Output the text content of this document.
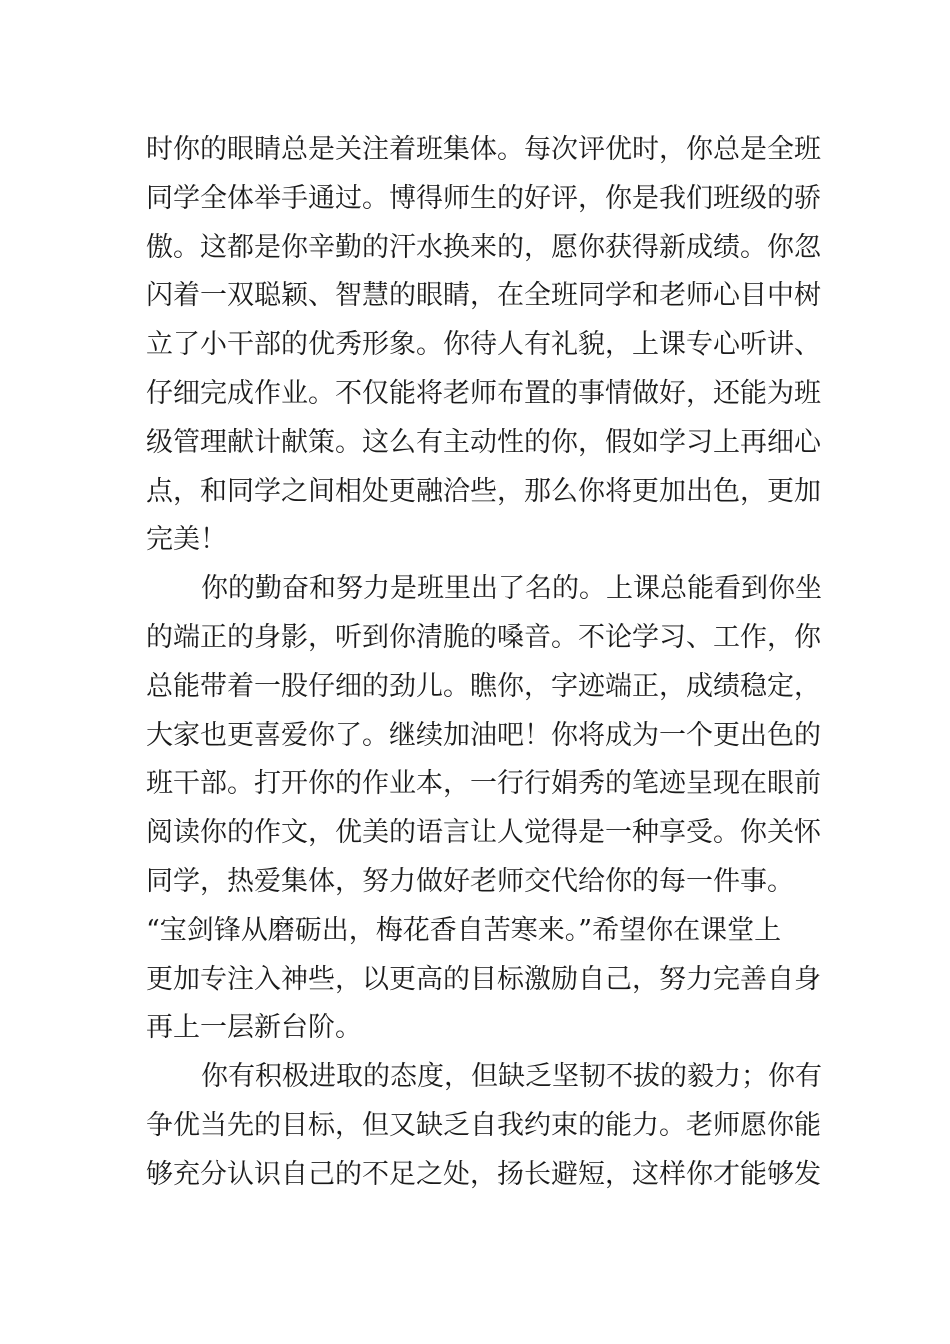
时你的眼睛总是关注着班集体。每次评优时，你总是全班
同学全体举手通过。博得师生的好评，你是我们班级的骄
傲。这都是你辛勤的汗水换来的，愿你获得新成绩。你忽
闪着一双聪颖、智慧的眼睛，在全班同学和老师心目中树
立了小干部的优秀形象。你待人有礼貌，上课专心听讲、
仔细完成作业。不仅能将老师布置的事情做好，还能为班
级管理献计献策。这么有主动性的你，假如学习上再细心
点，和同学之间相处更融洽些，那么你将更加出色，更加
完美！
你的勤奋和努力是班里出了名的。上课总能看到你坐
的端正的身影，听到你清脆的嗓音。不论学习、工作，你
总能带着一股仔细的劲儿。瞧你，字迹端正，成绩稳定，
大家也更喜爱你了。继续加油吧！你将成为一个更出色的
班干部。打开你的作业本，一行行娟秀的笔迹呈现在眼前
阅读你的作文，优美的语言让人觉得是一种享受。你关怀
同学，热爱集体，努力做好老师交代给你的每一件事。
“宝剑锋从磨砺出，梅花香自苦寒来。”希望你在课堂上
更加专注入神些，以更高的目标激励自己，努力完善自身
再上一层新台阶。
你有积极进取的态度，但缺乏坚韧不拔的毅力；你有
争优当先的目标，但又缺乏自我约束的能力。老师愿你能
够充分认识自己的不足之处，扬长避短，这样你才能够发
